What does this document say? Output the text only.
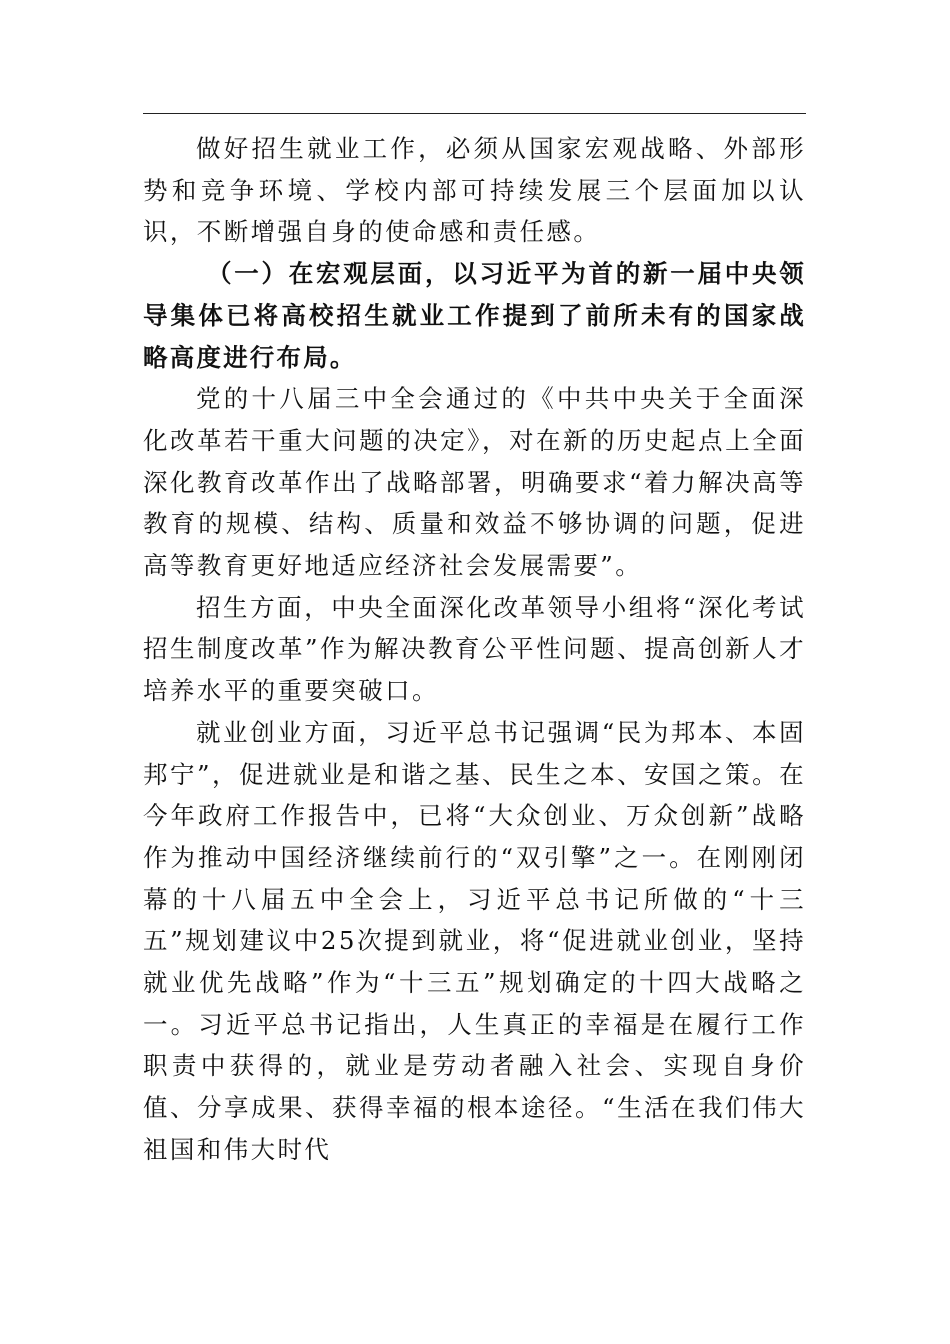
做好招生就业工作，必须从国家宏观战略、外部形势和竞争环境、学校内部可持续发展三个层面加以认识，不断增强自身的使命感和责任感。

（一）在宏观层面，以习近平为首的新一届中央领导集体已将高校招生就业工作提到了前所未有的国家战略高度进行布局。

党的十八届三中全会通过的《中共中央关于全面深化改革若干重大问题的决定》，对在新的历史起点上全面深化教育改革作出了战略部署，明确要求“着力解决高等教育的规模、结构、质量和效益不够协调的问题，促进高等教育更好地适应经济社会发展需要”。

招生方面，中央全面深化改革领导小组将“深化考试招生制度改革”作为解决教育公平性问题、提高创新人才培养水平的重要突破口。

就业创业方面，习近平总书记强调“民为邦本、本固邦宁”，促进就业是和谐之基、民生之本、安国之策。在今年政府工作报告中，已将“大众创业、万众创新”战略作为推动中国经济继续前行的“双引擎”之一。在刚刚闭幕的十八届五中全会上，习近平总书记所做的“十三五”规划建议中25次提到就业，将“促进就业创业，坚持就业优先战略”作为“十三五”规划确定的十四大战略之一。习近平总书记指出，人生真正的幸福是在履行工作职责中获得的，就业是劳动者融入社会、实现自身价值、分享成果、获得幸福的根本途径。“生活在我们伟大祖国和伟大时代
